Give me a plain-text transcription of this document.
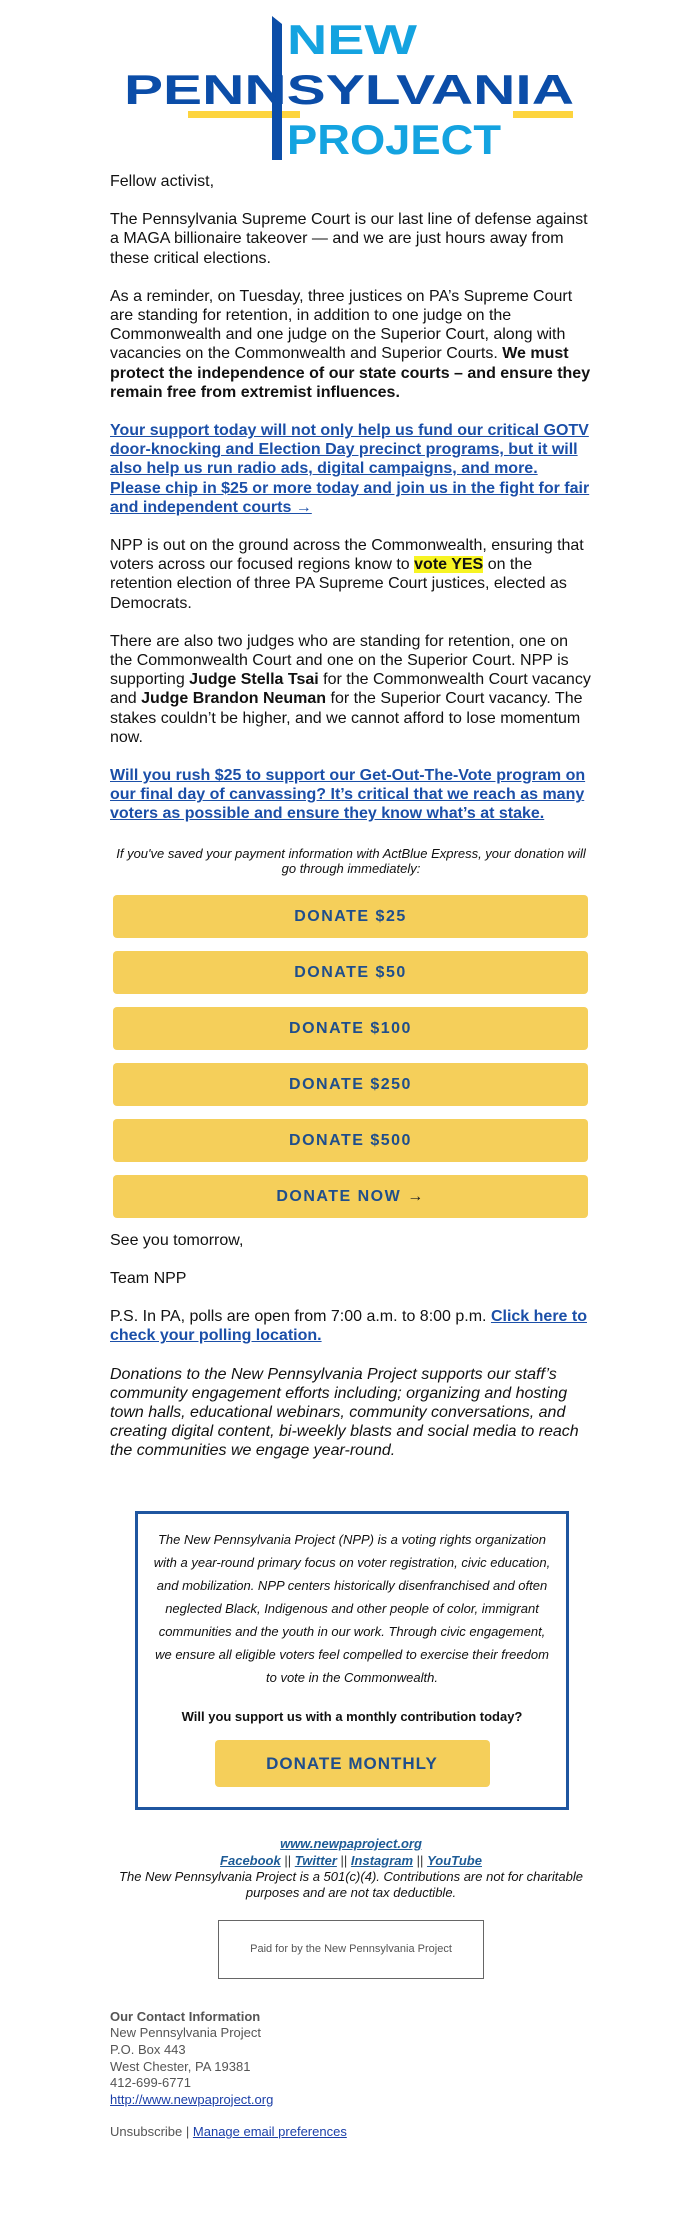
NEW
PENNSYLVANIA
PROJECT

Fellow activist,

The Pennsylvania Supreme Court is our last line of defense against a MAGA billionaire takeover — and we are just hours away from these critical elections.

As a reminder, on Tuesday, three justices on PA’s Supreme Court are standing for retention, in addition to one judge on the Commonwealth and one judge on the Superior Court, along with vacancies on the Commonwealth and Superior Courts. We must protect the independence of our state courts – and ensure they remain free from extremist influences.

Your support today will not only help us fund our critical GOTV door-knocking and Election Day precinct programs, but it will also help us run radio ads, digital campaigns, and more. Please chip in $25 or more today and join us in the fight for fair and independent courts →

NPP is out on the ground across the Commonwealth, ensuring that voters across our focused regions know to vote YES on the retention election of three PA Supreme Court justices, elected as Democrats.

There are also two judges who are standing for retention, one on the Commonwealth Court and one on the Superior Court. NPP is supporting Judge Stella Tsai for the Commonwealth Court vacancy and Judge Brandon Neuman for the Superior Court vacancy. The stakes couldn’t be higher, and we cannot afford to lose momentum now.

Will you rush $25 to support our Get-Out-The-Vote program on our final day of canvassing? It’s critical that we reach as many voters as possible and ensure they know what’s at stake.

If you've saved your payment information with ActBlue Express, your donation will go through immediately:

DONATE $25
DONATE $50
DONATE $100
DONATE $250
DONATE $500
DONATE NOW →

See you tomorrow,

Team NPP

P.S. In PA, polls are open from 7:00 a.m. to 8:00 p.m. Click here to check your polling location.

Donations to the New Pennsylvania Project supports our staff’s community engagement efforts including; organizing and hosting town halls, educational webinars, community conversations, and creating digital content, bi-weekly blasts and social media to reach the communities we engage year-round.

The New Pennsylvania Project (NPP) is a voting rights organization with a year-round primary focus on voter registration, civic education, and mobilization. NPP centers historically disenfranchised and often neglected Black, Indigenous and other people of color, immigrant communities and the youth in our work. Through civic engagement, we ensure all eligible voters feel compelled to exercise their freedom to vote in the Commonwealth.
Will you support us with a monthly contribution today?
DONATE MONTHLY
www.newpaproject.org
Facebook || Twitter || Instagram || YouTube

The New Pennsylvania Project is a 501(c)(4). Contributions are not for charitable purposes and are not tax deductible.

Paid for by the New Pennsylvania Project
Our Contact Information
New Pennsylvania Project
P.O. Box 443
West Chester, PA 19381
412-699-6771
http://www.newpaproject.org
Unsubscribe | Manage email preferences
